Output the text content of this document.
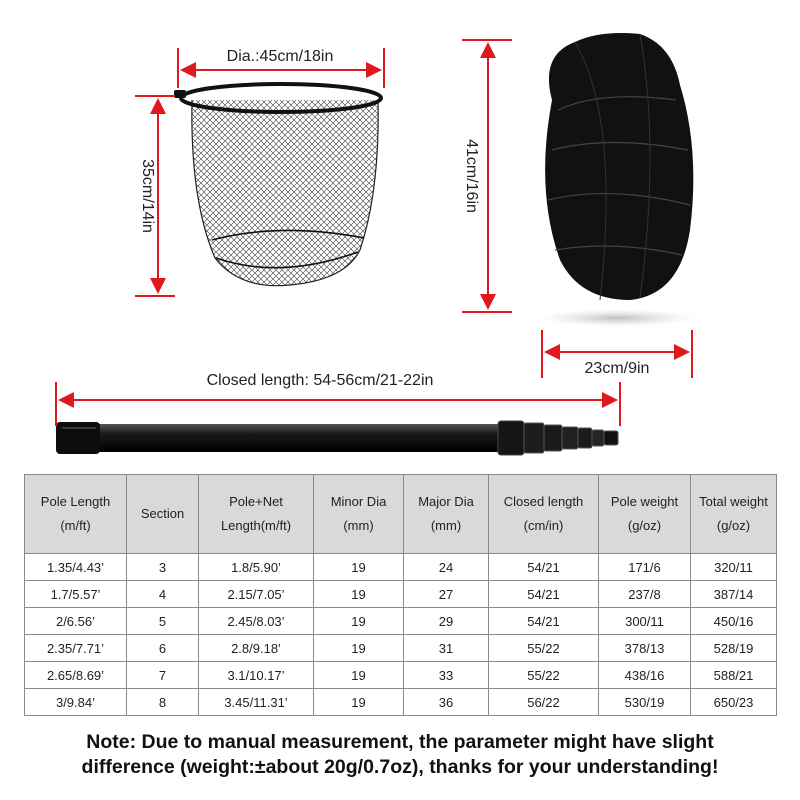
Dia.:45cm/18in
35cm/14in	41cm/16in
23cm/9in
Closed length: 54-56cm/21-22in
Pole Length (m/ft)	Section	Pole+Net Length(m/ft)	Minor Dia (mm)	Major Dia (mm)	Closed length (cm/in)	Pole weight (g/oz)	Total weight (g/oz)
1.35/4.43’	3	1.8/5.90’	19	24	54/21	171/6	320/11
1.7/5.57’	4	2.15/7.05’	19	27	54/21	237/8	387/14
2/6.56’	5	2.45/8.03’	19	29	54/21	300/11	450/16
2.35/7.71’	6	2.8/9.18’	19	31	55/22	378/13	528/19
2.65/8.69’	7	3.1/10.17’	19	33	55/22	438/16	588/21
3/9.84’	8	3.45/11.31’	19	36	56/22	530/19	650/23
Note: Due to manual measurement, the parameter might have slight
difference (weight:±about 20g/0.7oz), thanks for your understanding!
